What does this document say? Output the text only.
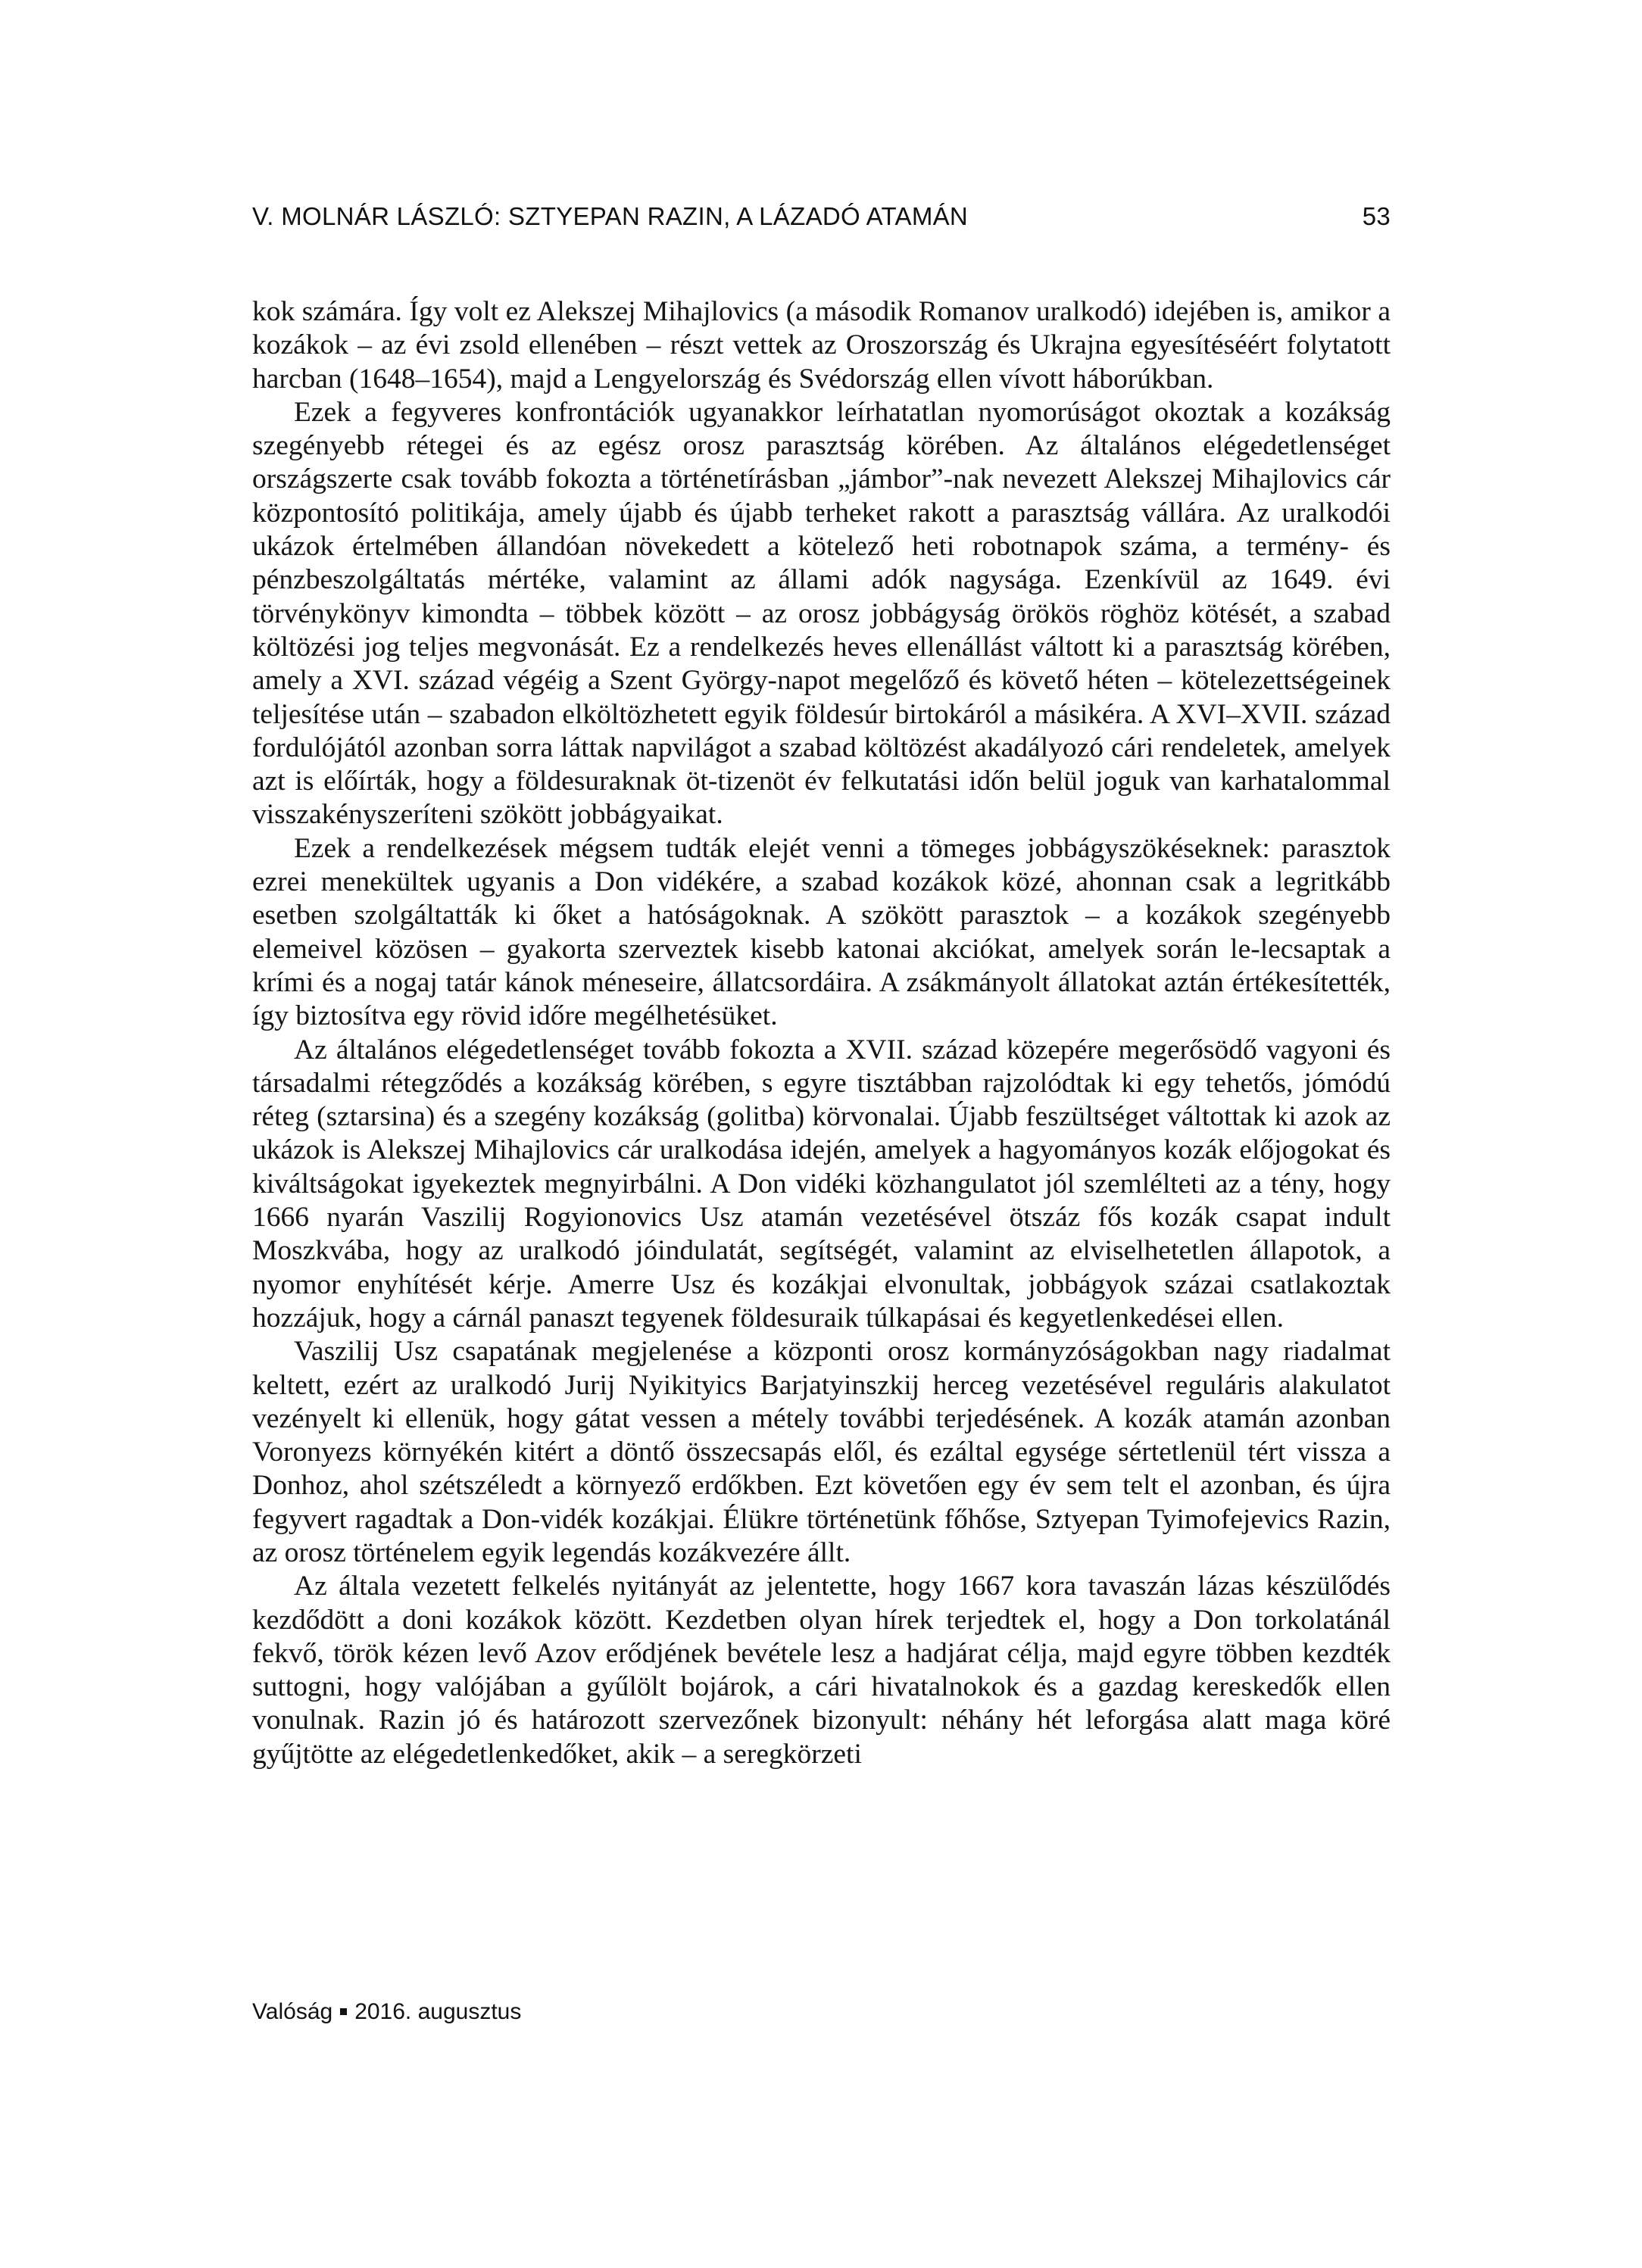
V. MOLNÁR LÁSZLÓ: SZTYEPAN RAZIN, A LÁZADÓ ATAMÁN	53

kok számára. Így volt ez Alekszej Mihajlovics (a második Romanov uralkodó) idejében is, amikor a kozákok – az évi zsold ellenében – részt vettek az Oroszország és Ukrajna egyesítéséért folytatott harcban (1648–1654), majd a Lengyelország és Svédország ellen vívott háborúkban.

Ezek a fegyveres konfrontációk ugyanakkor leírhatatlan nyomorúságot okoztak a kozákság szegényebb rétegei és az egész orosz parasztság körében. Az általános elégedetlenséget országszerte csak tovább fokozta a történetírásban „jámbor”-nak nevezett Alekszej Mihajlovics cár központosító politikája, amely újabb és újabb terheket rakott a parasztság vállára. Az uralkodói ukázok értelmében állandóan növekedett a kötelező heti robotnapok száma, a termény- és pénzbeszolgáltatás mértéke, valamint az állami adók nagysága. Ezenkívül az 1649. évi törvénykönyv kimondta – többek között – az orosz jobbágyság örökös röghöz kötését, a szabad költözési jog teljes megvonását. Ez a rendelkezés heves ellenállást váltott ki a parasztság körében, amely a XVI. század végéig a Szent György-napot megelőző és követő héten – kötelezettségeinek teljesítése után – szabadon elköltözhetett egyik földesúr birtokáról a másikéra. A XVI–XVII. század fordulójától azonban sorra láttak napvilágot a szabad költözést akadályozó cári rendeletek, amelyek azt is előírták, hogy a földesuraknak öt-tizenöt év felkutatási időn belül joguk van karhatalommal visszakényszeríteni szökött jobbágyaikat.

Ezek a rendelkezések mégsem tudták elejét venni a tömeges jobbágyszökéseknek: parasztok ezrei menekültek ugyanis a Don vidékére, a szabad kozákok közé, ahonnan csak a legritkább esetben szolgáltatták ki őket a hatóságoknak. A szökött parasztok – a kozákok szegényebb elemeivel közösen – gyakorta szerveztek kisebb katonai akciókat, amelyek során le-lecsaptak a krími és a nogaj tatár kánok méneseire, állatcsordáira. A zsákmányolt állatokat aztán értékesítették, így biztosítva egy rövid időre megélhetésüket.

Az általános elégedetlenséget tovább fokozta a XVII. század közepére megerősödő vagyoni és társadalmi rétegződés a kozákság körében, s egyre tisztábban rajzolódtak ki egy tehetős, jómódú réteg (sztarsina) és a szegény kozákság (golitba) körvonalai. Újabb feszültséget váltottak ki azok az ukázok is Alekszej Mihajlovics cár uralkodása idején, amelyek a hagyományos kozák előjogokat és kiváltságokat igyekeztek megnyirbálni. A Don vidéki közhangulatot jól szemlélteti az a tény, hogy 1666 nyarán Vaszilij Rogyionovics Usz atamán vezetésével ötszáz fős kozák csapat indult Moszkvába, hogy az uralkodó jóindulatát, segítségét, valamint az elviselhetetlen állapotok, a nyomor enyhítését kérje. Amerre Usz és kozákjai elvonultak, jobbágyok százai csatlakoztak hozzájuk, hogy a cárnál panaszt tegyenek földesuraik túlkapásai és kegyetlenkedései ellen.

Vaszilij Usz csapatának megjelenése a központi orosz kormányzóságokban nagy riadalmat keltett, ezért az uralkodó Jurij Nyikityics Barjatyinszkij herceg vezetésével reguláris alakulatot vezényelt ki ellenük, hogy gátat vessen a métely további terjedésének. A kozák atamán azonban Voronyezs környékén kitért a döntő összecsapás elől, és ezáltal egysége sértetlenül tért vissza a Donhoz, ahol szétszéledt a környező erdőkben. Ezt követően egy év sem telt el azonban, és újra fegyvert ragadtak a Don-vidék kozákjai. Élükre történetünk főhőse, Sztyepan Tyimofejevics Razin, az orosz történelem egyik legendás kozákvezére állt.

Az általa vezetett felkelés nyitányát az jelentette, hogy 1667 kora tavaszán lázas készülődés kezdődött a doni kozákok között. Kezdetben olyan hírek terjedtek el, hogy a Don torkolatánál fekvő, török kézen levő Azov erődjének bevétele lesz a hadjárat célja, majd egyre többen kezdték suttogni, hogy valójában a gyűlölt bojárok, a cári hivatalnokok és a gazdag kereskedők ellen vonulnak. Razin jó és határozott szervezőnek bizonyult: néhány hét leforgása alatt maga köré gyűjtötte az elégedetlenkedőket, akik – a seregkörzeti

Valóság 2016. augusztus
